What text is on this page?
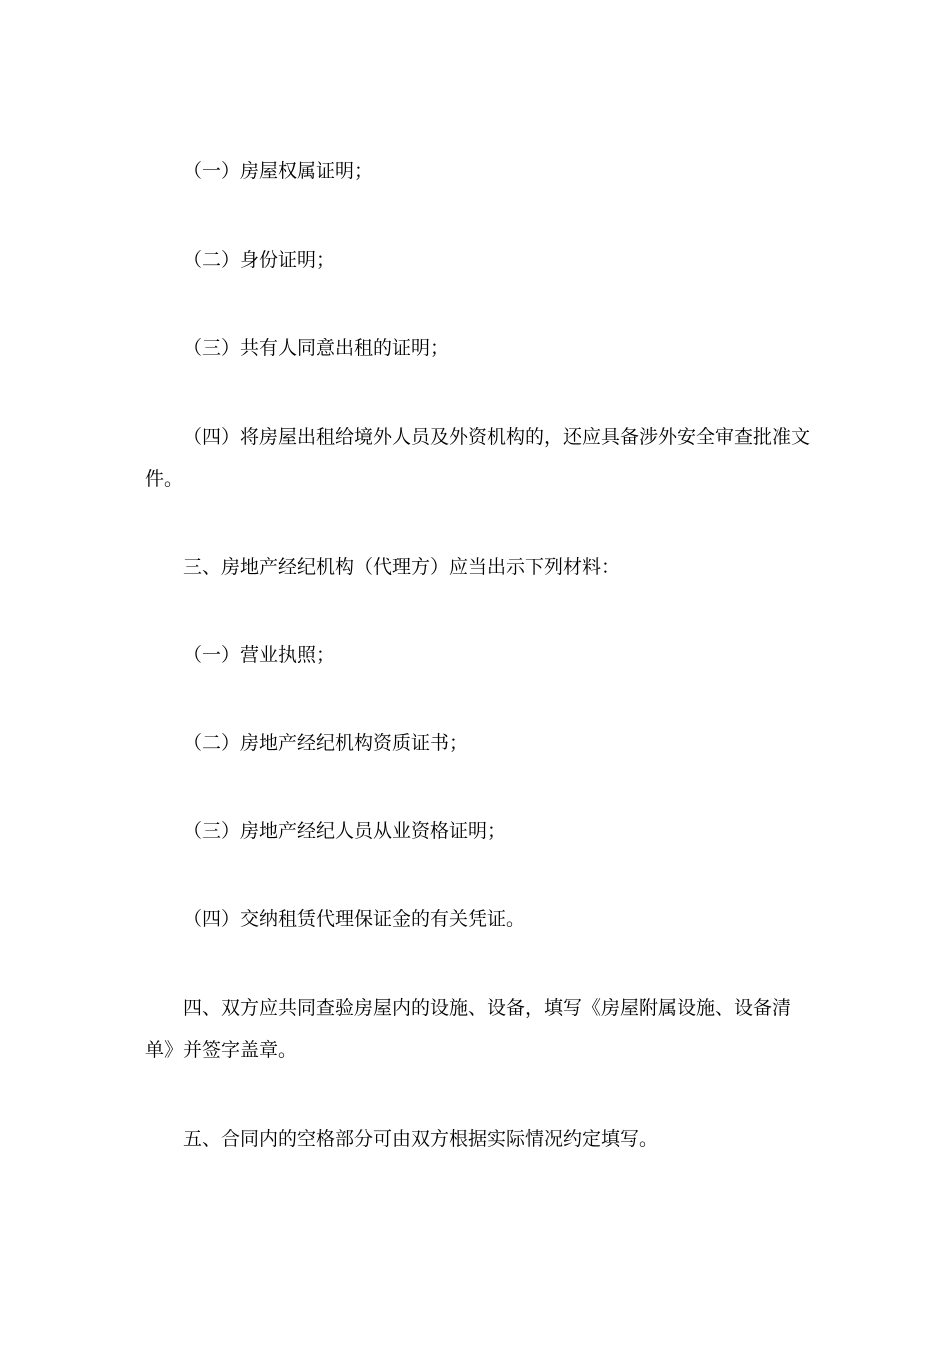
（一）房屋权属证明；

（二）身份证明；

（三）共有人同意出租的证明；

（四）将房屋出租给境外人员及外资机构的，还应具备涉外安全审查批准文件。

三、房地产经纪机构（代理方）应当出示下列材料：

（一）营业执照；

（二）房地产经纪机构资质证书；

（三）房地产经纪人员从业资格证明；

（四）交纳租赁代理保证金的有关凭证。

四、双方应共同查验房屋内的设施、设备，填写《房屋附属设施、设备清单》并签字盖章。

五、合同内的空格部分可由双方根据实际情况约定填写。
